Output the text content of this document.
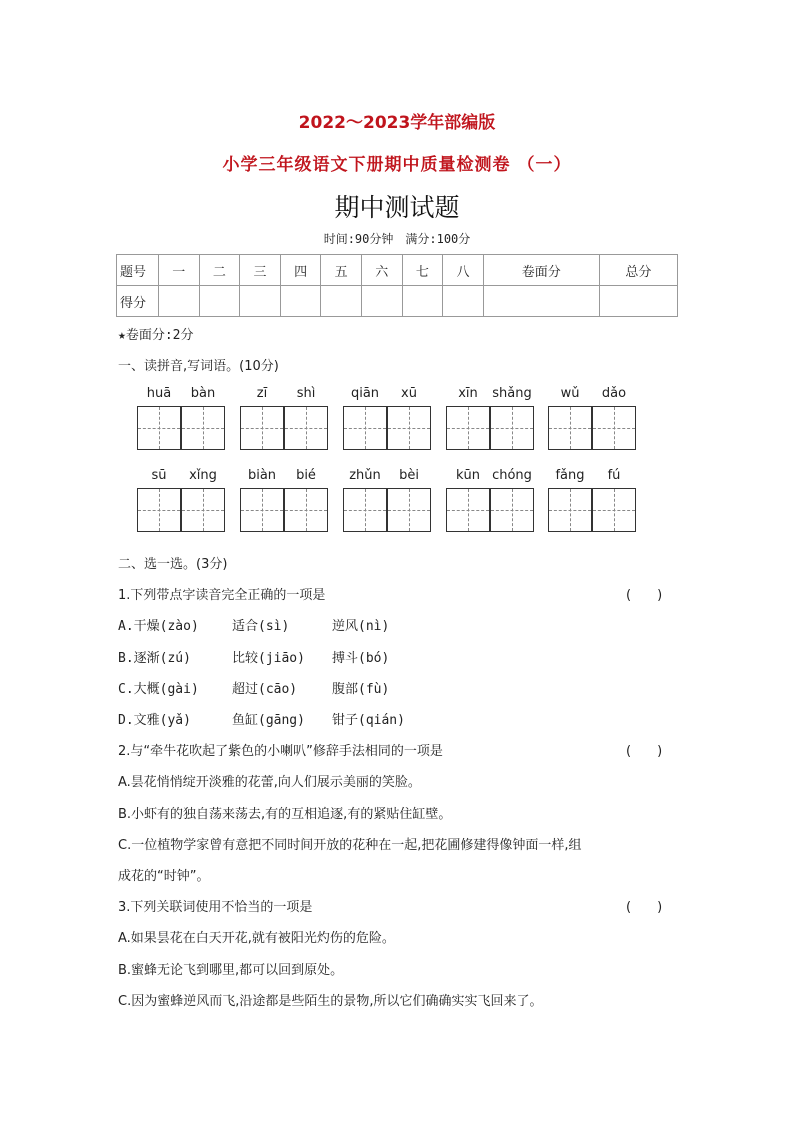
2022～2023学年部编版
小学三年级语文下册期中质量检测卷 （一）
期中测试题
时间:90分钟　满分:100分
题号	一	二	三	四	五	六	七	八	卷面分	总分
得分										
★卷面分:2分
一、读拼音,写词语。(10分)
huā	bàn	zī	shì	qiān	xū	xīn	shǎng	wǔ	dǎo
sū	xǐng	biàn	bié	zhǔn	bèi	kūn chóng	fǎng	fú
二、选一选。(3分)
1.下列带点字读音完全正确的一项是	(　　)
A.干燥(zào)	适合(sì)	逆风(nì)
B.逐渐(zú)	比较(jiāo) 搏斗(bó)
C.大概(gài)	超过(cāo)	腹部(fù)
D.文雅(yǎ)	鱼缸(gāng) 钳子(qián)
2.与“牵牛花吹起了紫色的小喇叭”修辞手法相同的一项是	(　　)
A.昙花悄悄绽开淡雅的花蕾,向人们展示美丽的笑脸。
B.小虾有的独自荡来荡去,有的互相追逐,有的紧贴住缸壁。
C.一位植物学家曾有意把不同时间开放的花种在一起,把花圃修建得像钟面一样,组
成花的“时钟”。
3.下列关联词使用不恰当的一项是	(　　)
A.如果昙花在白天开花,就有被阳光灼伤的危险。
B.蜜蜂无论飞到哪里,都可以回到原处。
C.因为蜜蜂逆风而飞,沿途都是些陌生的景物,所以它们确确实实飞回来了。
